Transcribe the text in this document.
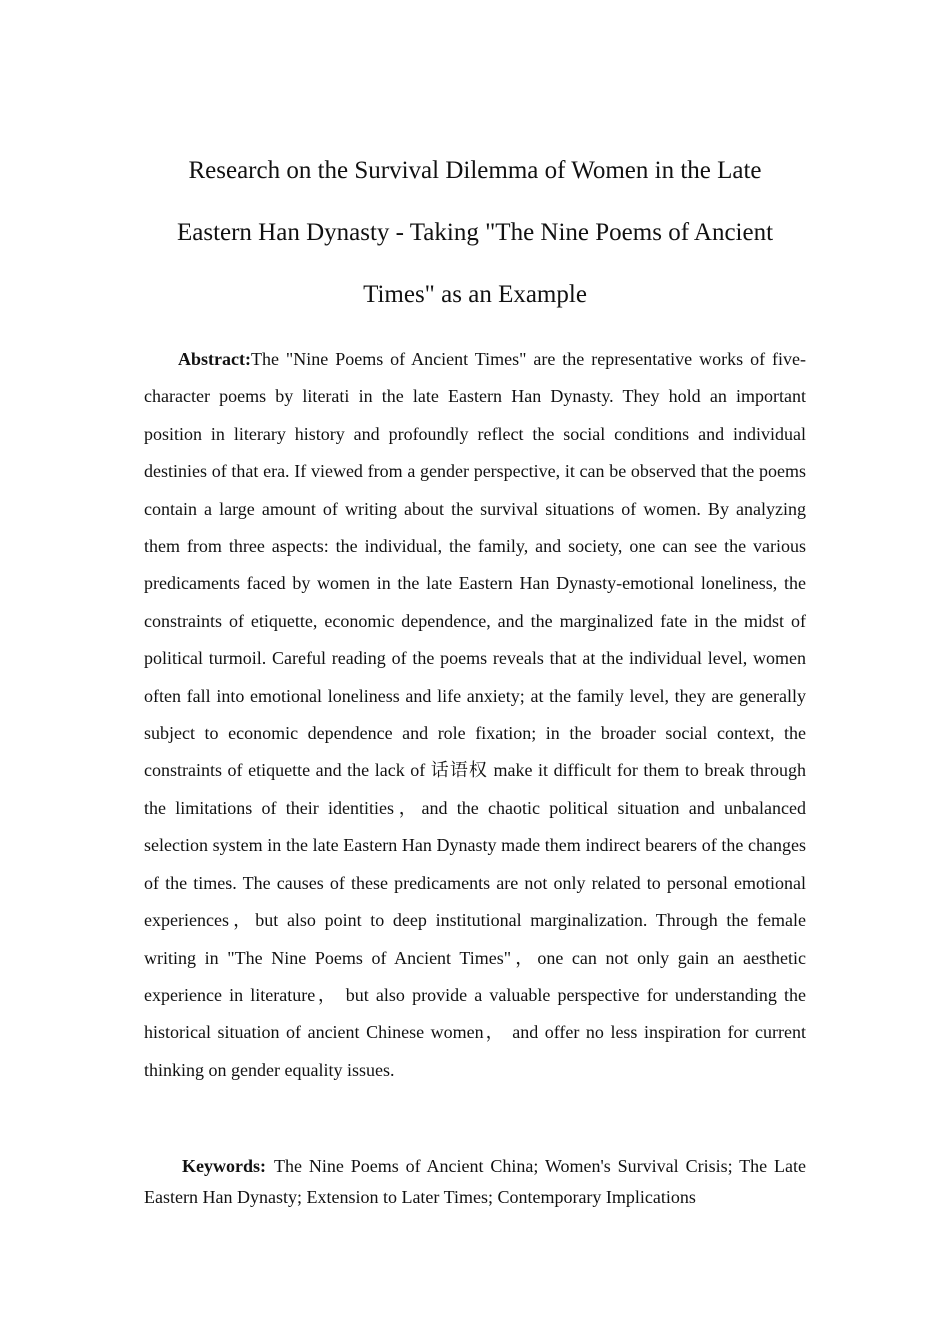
Research on the Survival Dilemma of Women in the Late
Eastern Han Dynasty - Taking "The Nine Poems of Ancient
Times" as an Example

Abstract:The "Nine Poems of Ancient Times" are the representative works of five-character poems by literati in the late Eastern Han Dynasty. They hold an important position in literary history and profoundly reflect the social conditions and individual destinies of that era. If viewed from a gender perspective, it can be observed that the poems contain a large amount of writing about the survival situations of women. By analyzing them from three aspects: the individual, the family, and society, one can see the various predicaments faced by women in the late Eastern Han Dynasty-emotional loneliness, the constraints of etiquette, economic dependence, and the marginalized fate in the midst of political turmoil. Careful reading of the poems reveals that at the individual level, women often fall into emotional loneliness and life anxiety; at the family level, they are generally subject to economic dependence and role fixation; in the broader social context, the constraints of etiquette and the lack of 话语权 make it difficult for them to break through the limitations of their identities，and the chaotic political situation and unbalanced selection system in the late Eastern Han Dynasty made them indirect bearers of the changes of the times. The causes of these predicaments are not only related to personal emotional experiences，but also point to deep institutional marginalization. Through the female writing in "The Nine Poems of Ancient Times"，one can not only gain an aesthetic experience in literature， but also provide a valuable perspective for understanding the historical situation of ancient Chinese women， and offer no less inspiration for current thinking on gender equality issues.

Keywords: The Nine Poems of Ancient China; Women's Survival Crisis; The Late Eastern Han Dynasty; Extension to Later Times; Contemporary Implications
